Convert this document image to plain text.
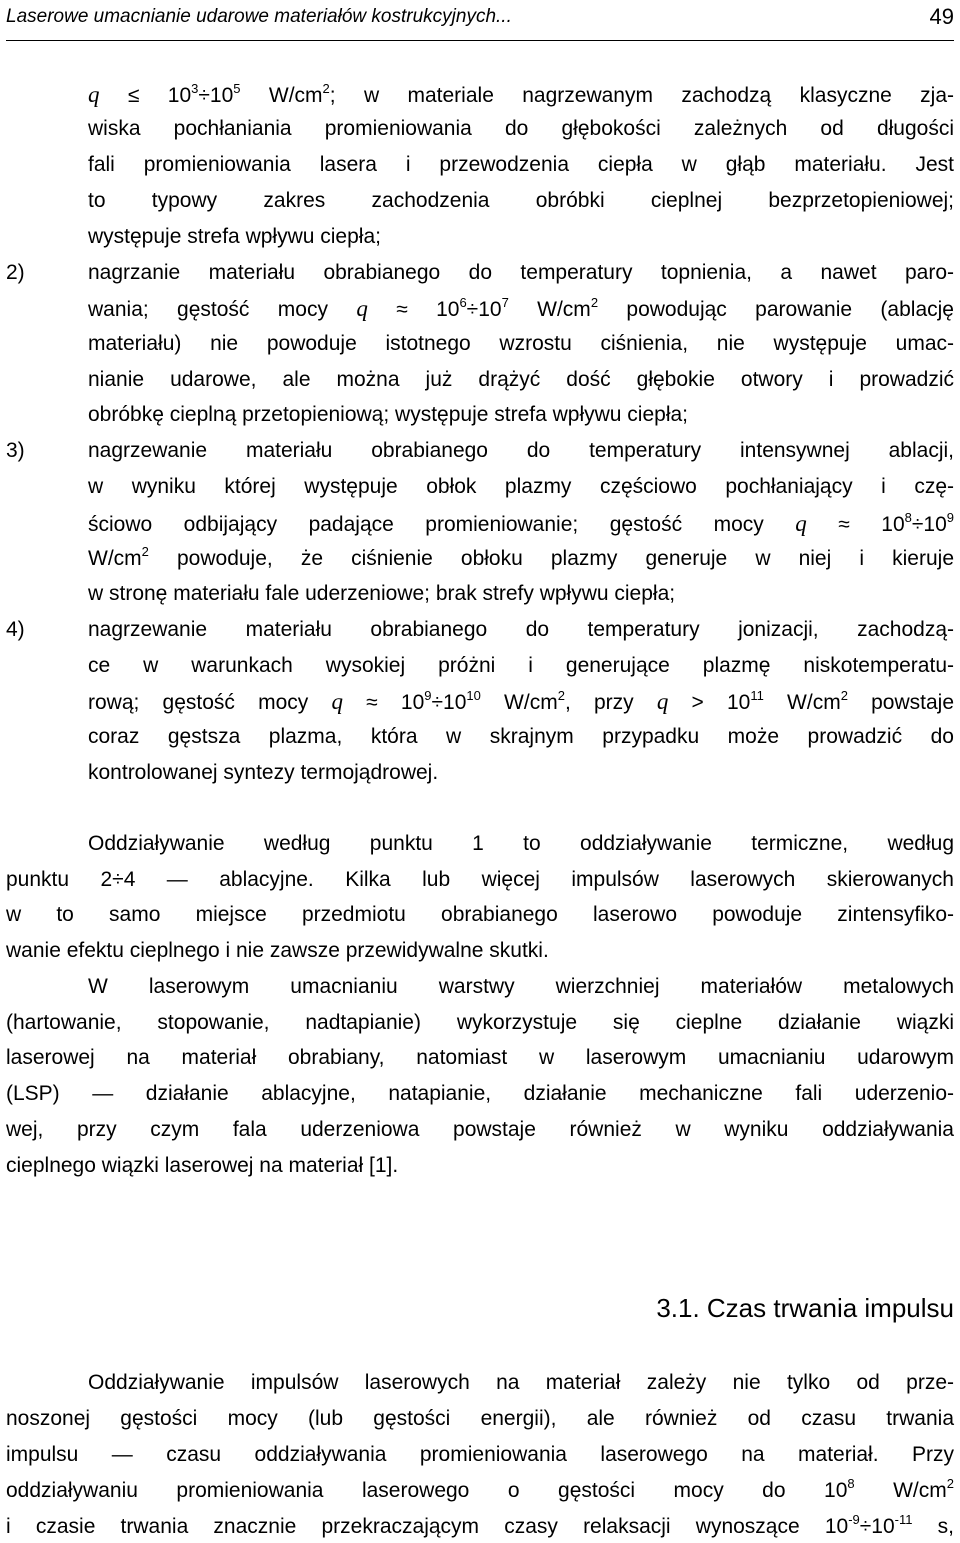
Laserowe umacnianie udarowe materiałów kostrukcyjnych...	49
$q \le 10^3\div 10^5$ $W/cm^2$; w materiale nagrzewanym zachodzą klasyczne zja-
wiska pochłaniania promieniowania do głębokości zależnych od długości
fali promieniowania lasera i przewodzenia ciepła w głąb materiału. Jest
to typowy zakres zachodzenia obróbki cieplnej bezprzetopieniowej;
występuje strefa wpływu ciepła;
2)	nagrzanie materiału obrabianego do temperatury topnienia, a nawet paro-
wania; gęstość mocy $q \approx 10^6\div 10^7$ $W/cm^2$ powodując parowanie (ablację
materiału) nie powoduje istotnego wzrostu ciśnienia, nie występuje umac-
nianie udarowe, ale można już drążyć dość głębokie otwory i prowadzić
obróbkę cieplną przetopieniową; występuje strefa wpływu ciepła;
3)	nagrzewanie materiału obrabianego do temperatury intensywnej ablacji,
w wyniku której występuje obłok plazmy częściowo pochłaniający i czę-
ściowo odbijający padające promieniowanie; gęstość mocy $q \approx 10^8\div 10^9$
$W/cm^2$ powoduje, że ciśnienie obłoku plazmy generuje w niej i kieruje
w stronę materiału fale uderzeniowe; brak strefy wpływu ciepła;
4)	nagrzewanie materiału obrabianego do temperatury jonizacji, zachodzą-
ce w warunkach wysokiej próżni i generujące plazmę niskotemperatu-
rową; gęstość mocy $q \approx 10^9\div 10^{10}$ $W/cm^2$, przy $q > 10^{11}$ $W/cm^2$ powstaje
coraz gęstsza plazma, która w skrajnym przypadku może prowadzić do
kontrolowanej syntezy termojądrowej.
Oddziaływanie według punktu 1 to oddziaływanie termiczne, według
punktu 2÷4 — ablacyjne. Kilka lub więcej impulsów laserowych skierowanych
w to samo miejsce przedmiotu obrabianego laserowo powoduje zintensyfiko-
wanie efektu cieplnego i nie zawsze przewidywalne skutki.
W laserowym umacnianiu warstwy wierzchniej materiałów metalowych
(hartowanie, stopowanie, nadtapianie) wykorzystuje się cieplne działanie wiązki
laserowej na materiał obrabiany, natomiast w laserowym umacnianiu udarowym
(LSP) — działanie ablacyjne, natapianie, działanie mechaniczne fali uderzenio-
wej, przy czym fala uderzeniowa powstaje również w wyniku oddziaływania
cieplnego wiązki laserowej na materiał [1].
3.1. Czas trwania impulsu
Oddziaływanie impulsów laserowych na materiał zależy nie tylko od prze-
noszonej gęstości mocy (lub gęstości energii), ale również od czasu trwania
impulsu — czasu oddziaływania promieniowania laserowego na materiał. Przy
oddziaływaniu promieniowania laserowego o gęstości mocy do $10^8$ $W/cm^2$
i czasie trwania znacznie przekraczającym czasy relaksacji wynoszące $10^{-9}\div 10^{-11}$ s,
